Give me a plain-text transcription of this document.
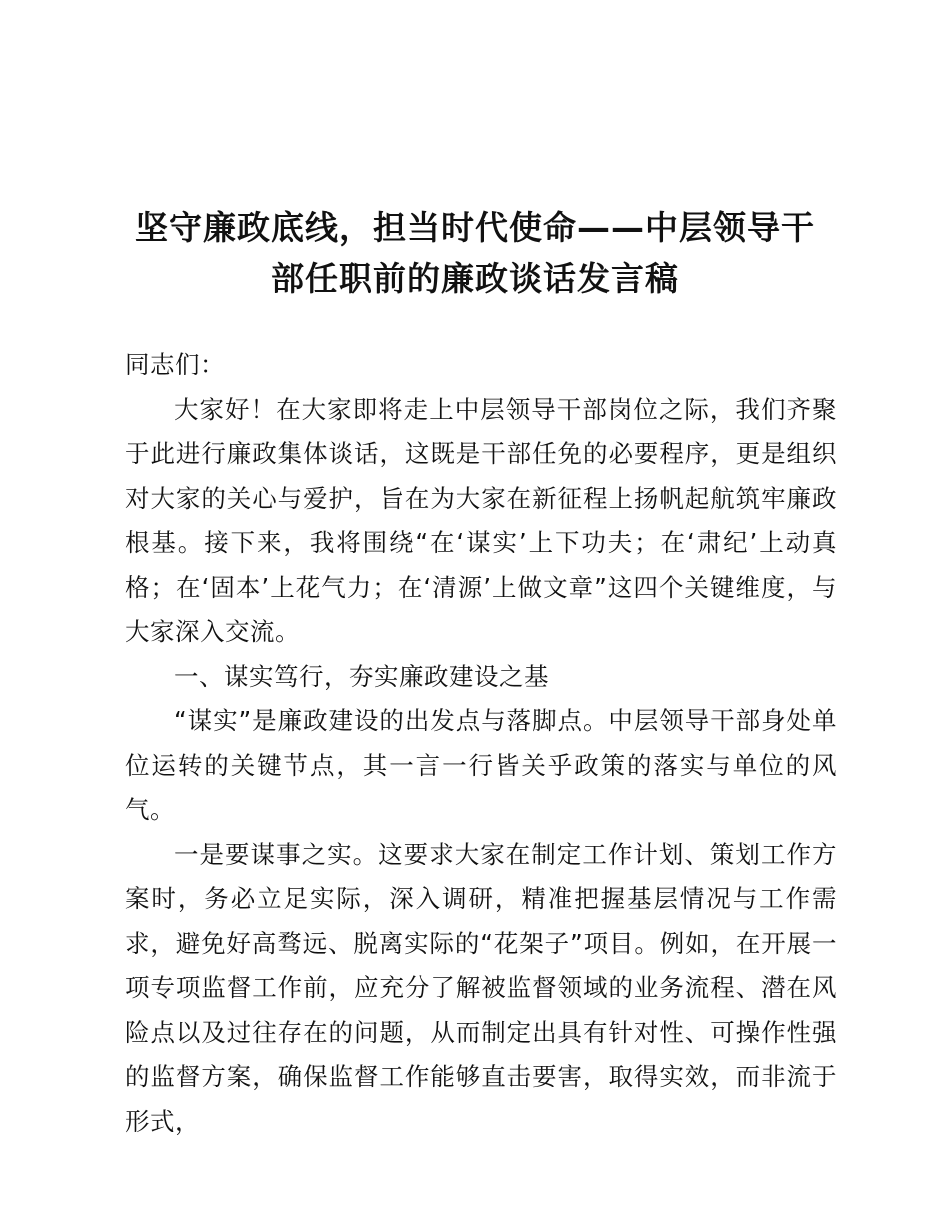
坚守廉政底线，担当时代使命——中层领导干
部任职前的廉政谈话发言稿

同志们：

大家好！在大家即将走上中层领导干部岗位之际，我们齐聚于此进行廉政集体谈话，这既是干部任免的必要程序，更是组织对大家的关心与爱护，旨在为大家在新征程上扬帆起航筑牢廉政根基。接下来，我将围绕“在‘谋实’上下功夫；在‘肃纪’上动真格；在‘固本’上花气力；在‘清源’上做文章”这四个关键维度，与大家深入交流。

一、谋实笃行，夯实廉政建设之基

“谋实”是廉政建设的出发点与落脚点。中层领导干部身处单位运转的关键节点，其一言一行皆关乎政策的落实与单位的风气。

一是要谋事之实。这要求大家在制定工作计划、策划工作方案时，务必立足实际，深入调研，精准把握基层情况与工作需求，避免好高骛远、脱离实际的“花架子”项目。例如，在开展一项专项监督工作前，应充分了解被监督领域的业务流程、潜在风险点以及过往存在的问题，从而制定出具有针对性、可操作性强的监督方案，确保监督工作能够直击要害，取得实效，而非流于形式，
